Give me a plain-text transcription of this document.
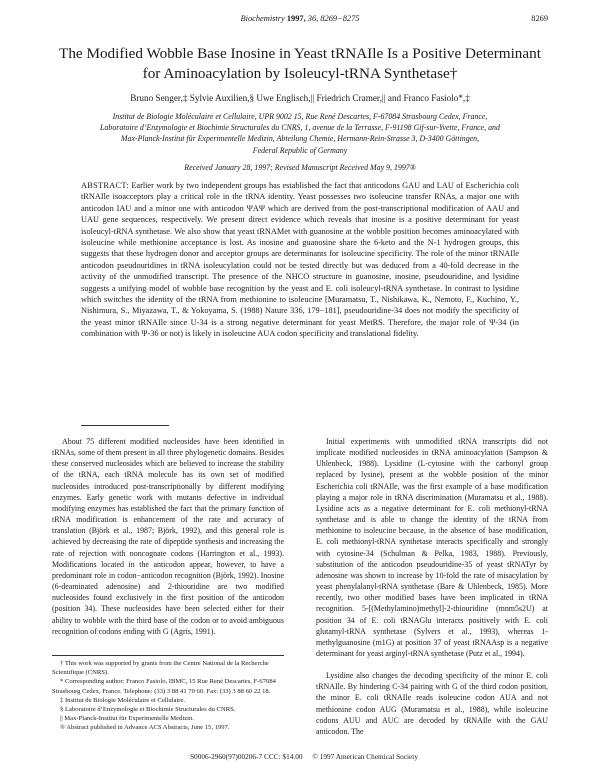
Biochemistry 1997, 36, 8269−8275	8269
The Modified Wobble Base Inosine in Yeast tRNAIle Is a Positive Determinant for Aminoacylation by Isoleucyl-tRNA Synthetase†
Bruno Senger,‡ Sylvie Auxilien,§ Uwe Englisch,|| Friedrich Cramer,|| and Franco Fasiolo*,‡
Institut de Biologie Moléculaire et Cellulaire, UPR 9002 15, Rue René Descartes, F-67084 Strasbourg Cedex, France,
Laboratoire d’Enzymologie et Biochimie Structurales du CNRS, 1, avenue de la Terrasse, F-91198 Gif-sur-Yvette, France, and
Max-Planck-Institut für Experimentelle Medizin, Abteilung Chemie, Hermann-Rein-Strasse 3, D-3400 Göttingen,
Federal Republic of Germany
Received January 28, 1997; Revised Manuscript Received May 9, 1997®
ABSTRACT: Earlier work by two independent groups has established the fact that anticodons GAU and LAU of Escherichia coli tRNAIle isoacceptors play a critical role in the tRNA identity. Yeast possesses two isoleucine transfer RNAs, a major one with anticodon IAU and a minor one with anticodon ΨAΨ which are derived from the post-transcriptional modification of AAU and UAU gene sequences, respectively. We present direct evidence which reveals that inosine is a positive determinant for yeast isoleucyl-tRNA synthetase. We also show that yeast tRNAMet with guanosine at the wobble position becomes aminoacylated with isoleucine while methionine acceptance is lost. As inosine and guanosine share the 6-keto and the N-1 hydrogen groups, this suggests that these hydrogen donor and acceptor groups are determinants for isoleucine specificity. The role of the minor tRNAIle anticodon pseudouridines in tRNA isoleucylation could not be tested directly but was deduced from a 40-fold decrease in the activity of the unmodified transcript. The presence of the NHCO structure in guanosine, inosine, pseudouridine, and lysidine suggests a unifying model of wobble base recognition by the yeast and E. coli isoleucyl-tRNA synthetase. In contrast to lysidine which switches the identity of the tRNA from methionine to isoleucine [Muramatsu, T., Nishikawa, K., Nemoto, F., Kuchino, Y., Nishimura, S., Miyazawa, T., & Yokoyama, S. (1988) Nature 336, 179−181], pseudouridine-34 does not modify the specificity of the yeast minor tRNAIle since U-34 is a strong negative determinant for yeast MetRS. Therefore, the major role of Ψ-34 (in combination with Ψ-36 or not) is likely in isoleucine AUA codon specificity and translational fidelity.

About 75 different modified nucleosides have been identified in tRNAs, some of them present in all three phylogenetic domains. Besides these conserved nucleosides which are believed to increase the stability of the tRNA, each tRNA molecule has its own set of modified nucleosides introduced post-transcriptionally by different modifying enzymes. Early genetic work with mutants defective in individual modifying enzymes has established the fact that the primary function of tRNA modification is enhancement of the rate and accuracy of translation (Björk et al., 1987; Björk, 1992), and this general role is achieved by decreasing the rate of dipeptide synthesis and increasing the rate of rejection with noncognate codons (Harrington et al., 1993). Modifications located in the anticodon appear, however, to have a predominant role in codon−anticodon recognition (Björk, 1992). Inosine (6-deaminated adenosine) and 2-thiouridine are two modified nucleosides found exclusively in the first position of the anticodon (position 34). These nucleosides have been selected either for their ability to wobble with the third base of the codon or to avoid ambiguous recognition of codons ending with G (Agris, 1991).

Initial experiments with unmodified tRNA transcripts did not implicate modified nucleosides in tRNA aminoacylation (Sampson & Uhlenbeck, 1988). Lysidine (L-cytosine with the carbonyl group replaced by lysine), present at the wobble position of the minor Escherichia coli tRNAIle, was the first example of a base modification playing a major role in tRNA discrimination (Muramatsu et al., 1988). Lysidine acts as a negative determinant for E. coli methionyl-tRNA synthetase and is able to change the identity of the tRNA from methionine to isoleucine because, in the absence of base modification, E. coli methionyl-tRNA synthetase interacts specifically and strongly with cytosine-34 (Schulman & Pelka, 1983, 1988). Previously, substitution of the anticodon pseudouridine-35 of yeast tRNATyr by adenosine was shown to increase by 10-fold the rate of misacylation by yeast phenylalanyl-tRNA synthetase (Bare & Uhlenbeck, 1985). More recently, two other modified bases have been implicated in tRNA recognition. 5-[(Methylamino)methyl]-2-thiouridine (mnm5s2U) at position 34 of E. coli tRNAGlu interacts positively with E. coli glutamyl-tRNA synthetase (Sylvers et al., 1993), whereas 1-methylguanosine (m1G) at position 37 of yeast tRNAAsp is a negative determinant for yeast arginyl-tRNA synthetase (Putz et al., 1994).

Lysidine also changes the decoding specificity of the minor E. coli tRNAIle. By hindering C-34 pairing with G of the third codon position, the minor E. coli tRNAIle reads isoleucine codon AUA and not methionine codon AUG (Muramatsu et al., 1988), while isoleucine codons AUU and AUC are decoded by tRNAIle with the GAU anticodon. The

† This work was supported by grants from the Centre National de la Recherche Scientifique (CNRS).
* Corresponding author: Franco Fasiolo, IBMC, 15 Rue René Descartes, F-67084 Strasbourg Cedex, France. Telephone: (33) 3 88 41 70 60. Fax: (33) 3 88 60 22 18.
‡ Institut de Biologie Moléculaire et Cellulaire.
§ Laboratoire d’Enzymologie et Biochimie Structurales du CNRS.
|| Max-Planck-Institut für Experimentelle Medizin.
® Abstract published in Advance ACS Abstracts, June 15, 1997.
S0006-2960(97)00206-7 CCC: $14.00 © 1997 American Chemical Society
